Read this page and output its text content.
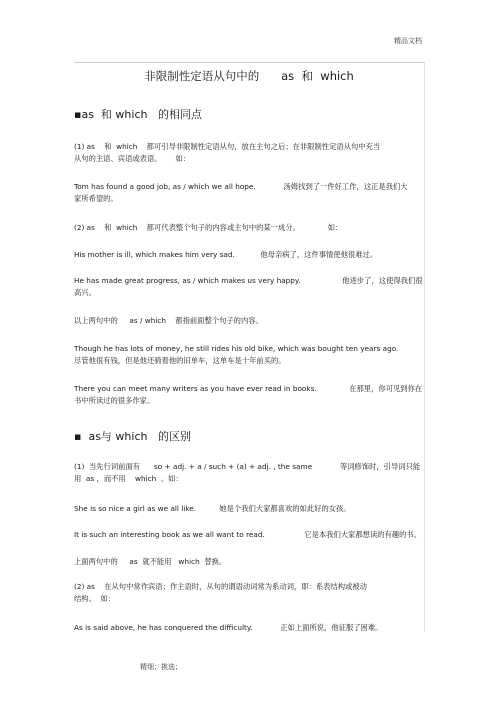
精品文档
非限制性定语从句中的      as  和  which
▪as  和 which   的相同点
(1) as    和  which    都可引导非限制性定语从句，放在主句之后；在非限制性定语从句中充当
从句的主语、宾语或表语。      如：
Tom has found a good job, as / which we all hope.            汤姆找到了一件好工作，这正是我们大
家所希望的。
(2) as    和  which    都可代表整个句子的内容或主句中的某一成分。            如：
His mother is ill, which makes him very sad.           他母亲病了，这件事情使他很难过。
He has made great progress, as / which makes us very happy.                  他进步了，这使得我们很
高兴。
以上两句中的     as / which    都指前面整个句子的内容。
Though he has lots of money, he still rides his old bike, which was bought ten years ago.
尽管他很有钱，但是他还骑着他的旧单车，这单车是十年前买的。
There you can meet many writers as you have ever read in books.              在那里，你可见到你在
书中所读过的很多作家。
▪  as与 which   的区别
(1)  当先行词前面有      so + adj. + a / such + (a) + adj. , the same            等词修饰时，引导词只能
用  as ，而不用    which  。如：
She is so nice a girl as we all like.          她是个我们大家都喜欢的如此好的女孩。
It is such an interesting book as we all want to read.                 它是本我们大家都想读的有趣的书。
上面两句中的     as  就不能用   which  替换。
(2) as    在从句中常作宾语；作主语时，从句的谓语动词常为系动词，即：系表结构或被动
结构。  如：
As is said above, he has conquered the difficulty.            正如上面所说，他征服了困难。
精细；挑选；
